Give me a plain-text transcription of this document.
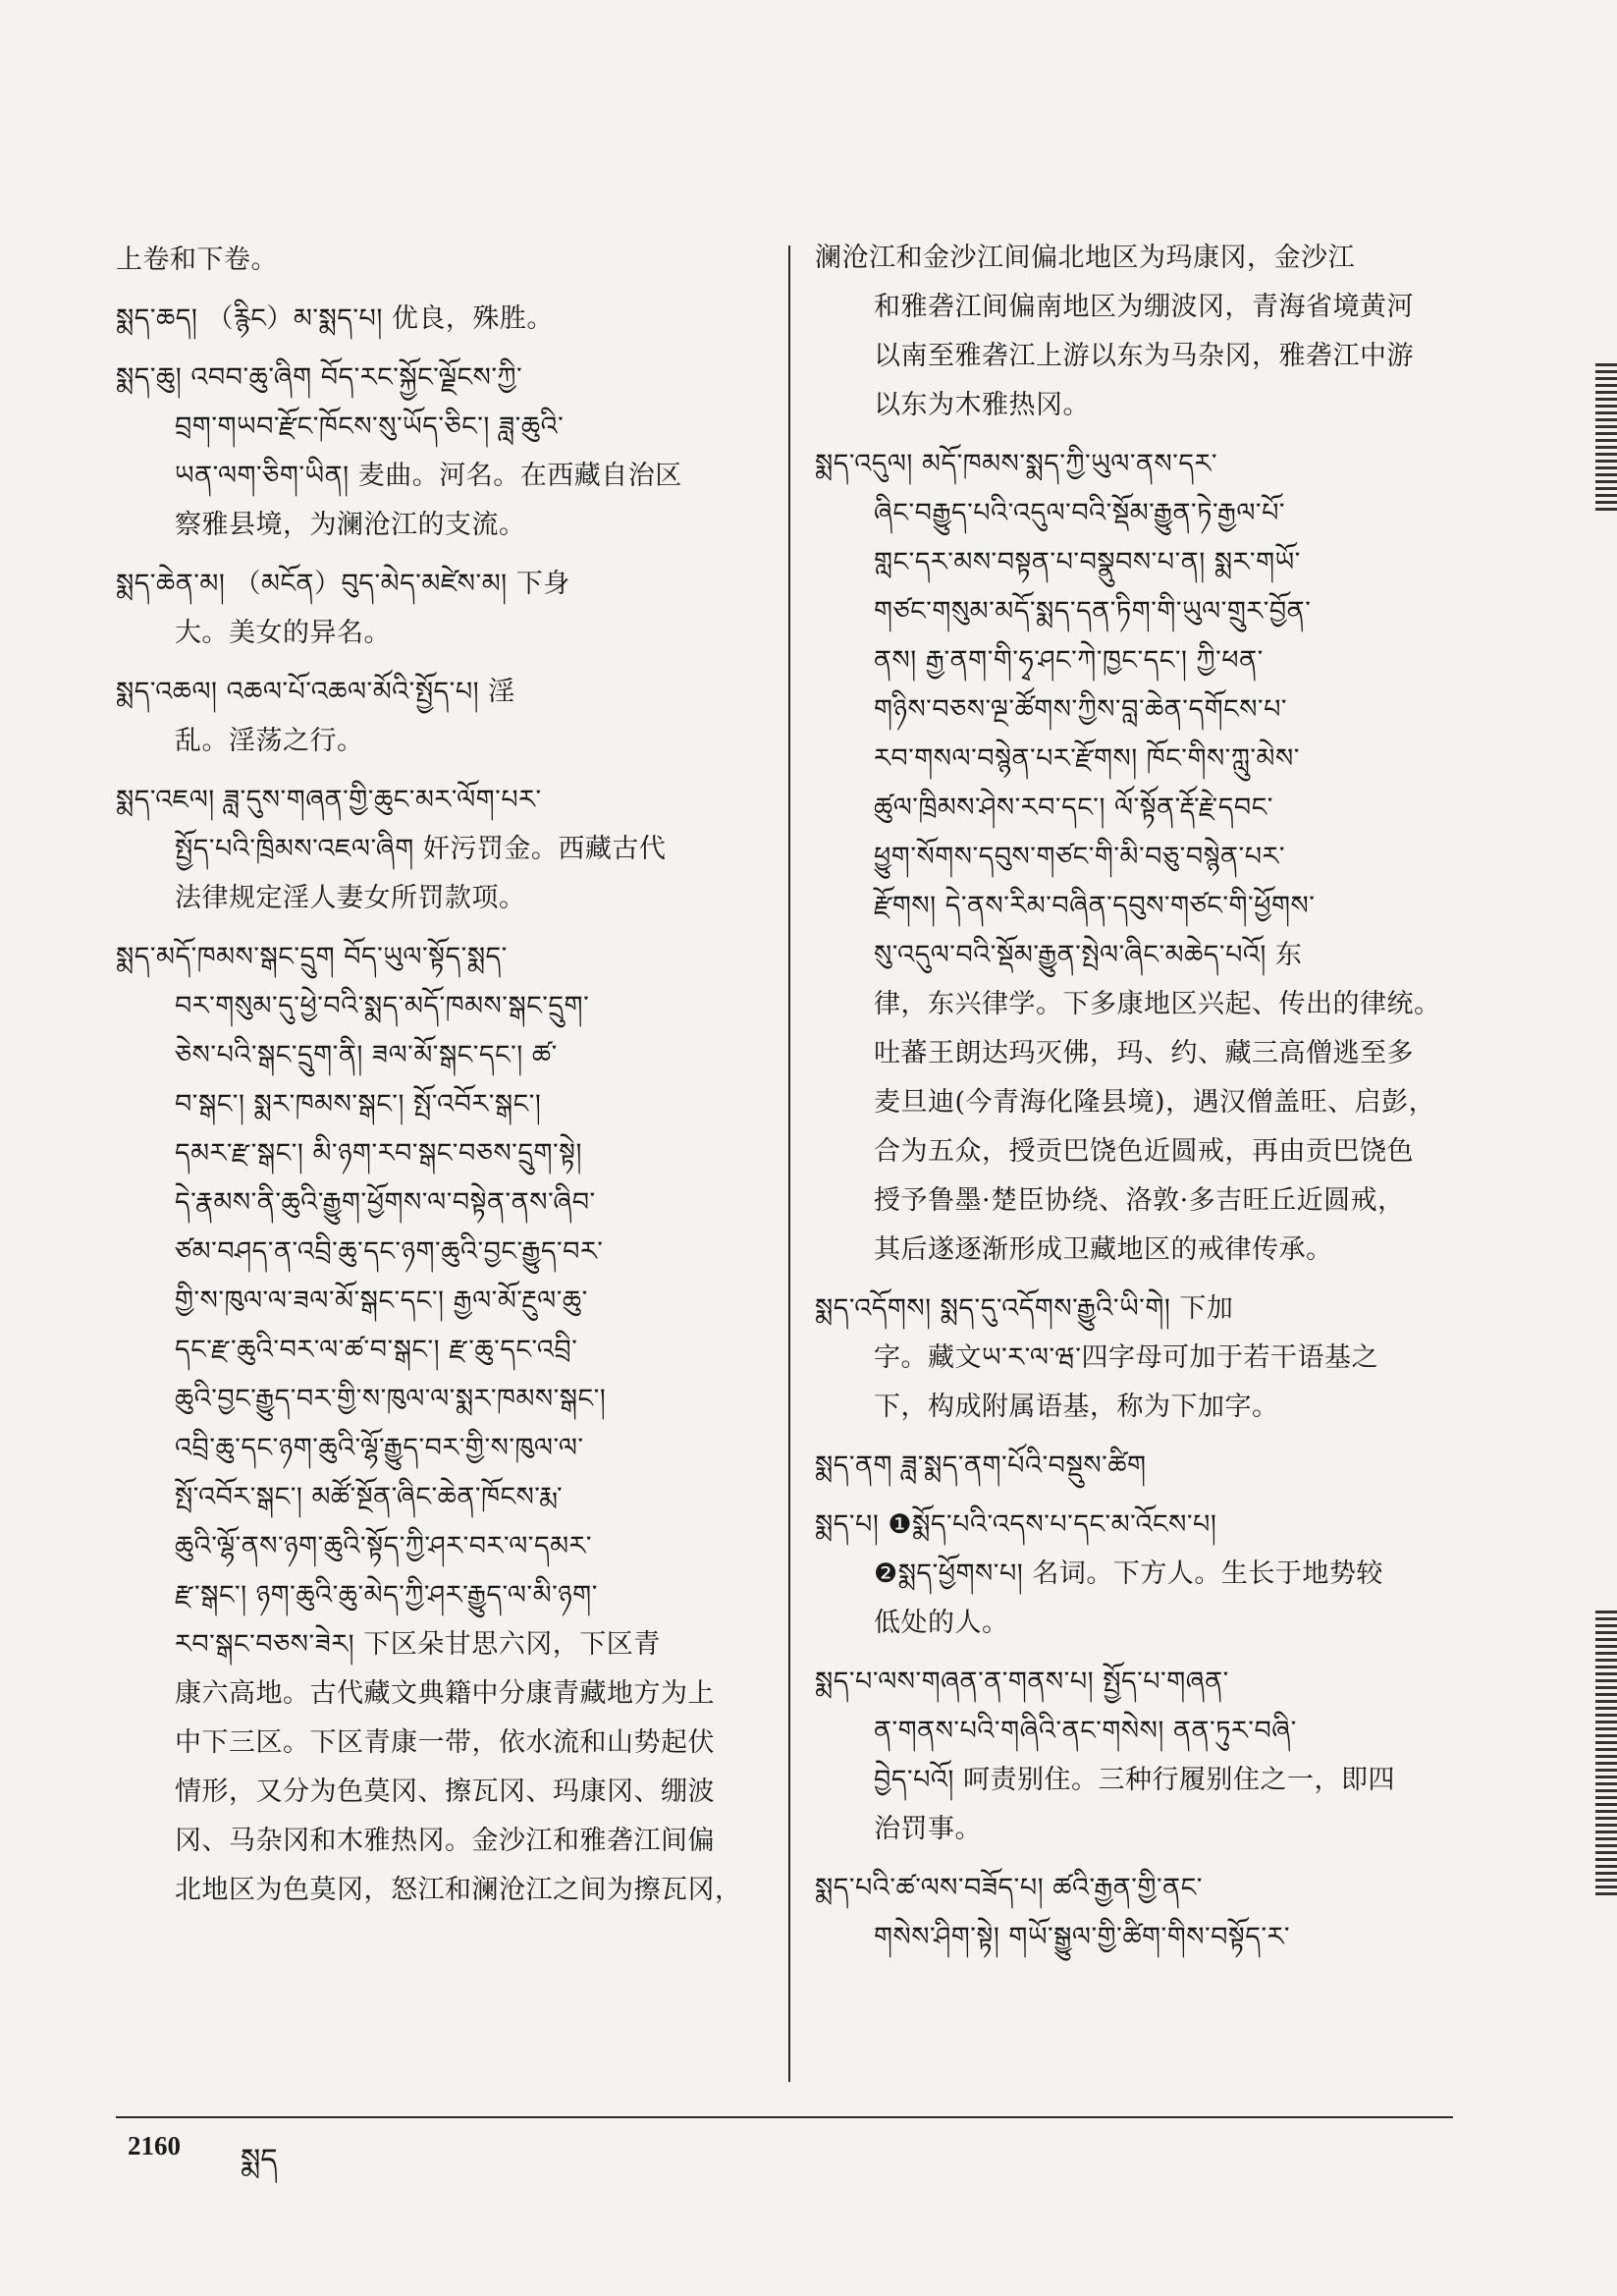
上卷和下卷。
སྨད་ཆད། （རྙིང）མ་སྨད་པ། 优良，殊胜。
སྨད་ཆུ། འབབ་ཆུ་ཞིག བོད་རང་སྐྱོང་ལྗོངས་ཀྱི་
བྲག་གཡབ་རྫོང་ཁོངས་སུ་ཡོད་ཅིང་། ཟླ་ཆུའི་
ཡན་ལག་ཅིག་ཡིན། 麦曲。河名。在西藏自治区
察雅县境，为澜沧江的支流。
སྨད་ཆེན་མ། （མངོན）བུད་མེད་མཛེས་མ། 下身
大。美女的异名。
སྨད་འཆལ། འཆལ་པོ་འཆལ་མོའི་སྤྱོད་པ། 淫
乱。淫荡之行。
སྨད་འཇལ། ཟླ་དུས་གཞན་གྱི་ཆུང་མར་ལོག་པར་
སྤྱོད་པའི་ཁྲིམས་འཇལ་ཞིག 奸污罚金。西藏古代
法律规定淫人妻女所罚款项。
སྨད་མདོ་ཁམས་སྒང་དྲུག བོད་ཡུལ་སྟོད་སྨད་
བར་གསུམ་དུ་ཕྱེ་བའི་སྨད་མདོ་ཁམས་སྒང་དྲུག་
ཅེས་པའི་སྒང་དྲུག་ནི། ཟལ་མོ་སྒང་དང་། ཚ་
བ་སྒང་། སྨར་ཁམས་སྒང་། སྤོ་འབོར་སྒང་།
དམར་རྫ་སྒང་། མི་ཉག་རབ་སྒང་བཅས་དྲུག་སྟེ།
དེ་རྣམས་ནི་ཆུའི་རྒྱུག་ཕྱོགས་ལ་བསྟེན་ནས་ཞིབ་
ཙམ་བཤད་ན་འབྲི་ཆུ་དང་ཉག་ཆུའི་བྱང་རྒྱུད་བར་
གྱི་ས་ཁུལ་ལ་ཟལ་མོ་སྒང་དང་། རྒྱལ་མོ་རྔུལ་ཆུ་
དང་རྫ་ཆུའི་བར་ལ་ཚ་བ་སྒང་། རྫ་ཆུ་དང་འབྲི་
ཆུའི་བྱང་རྒྱུད་བར་གྱི་ས་ཁུལ་ལ་སྨར་ཁམས་སྒང་།
འབྲི་ཆུ་དང་ཉག་ཆུའི་ལྷོ་རྒྱུད་བར་གྱི་ས་ཁུལ་ལ་
སྤོ་འབོར་སྒང་། མཚོ་སྔོན་ཞིང་ཆེན་ཁོངས་རྨ་
ཆུའི་ལྷོ་ནས་ཉག་ཆུའི་སྟོད་ཀྱི་ཤར་བར་ལ་དམར་
རྫ་སྒང་། ཉག་ཆུའི་ཆུ་མེད་ཀྱི་ཤར་རྒྱུད་ལ་མི་ཉག་
རབ་སྒང་བཅས་ཟེར། 下区朵甘思六冈，下区青
康六高地。古代藏文典籍中分康青藏地方为上
中下三区。下区青康一带，依水流和山势起伏
情形，又分为色莫冈、擦瓦冈、玛康冈、绷波
冈、马杂冈和木雅热冈。金沙江和雅砻江间偏
北地区为色莫冈，怒江和澜沧江之间为擦瓦冈，
澜沧江和金沙江间偏北地区为玛康冈，金沙江
和雅砻江间偏南地区为绷波冈，青海省境黄河
以南至雅砻江上游以东为马杂冈，雅砻江中游
以东为木雅热冈。
སྨད་འདུལ། མདོ་ཁམས་སྨད་ཀྱི་ཡུལ་ནས་དར་
ཞིང་བརྒྱུད་པའི་འདུལ་བའི་སྡོམ་རྒྱུན་ཏེ་རྒྱལ་པོ་
གླང་དར་མས་བསྟན་པ་བསྣུབས་པ་ན། སྨར་གཡོ་
གཙང་གསུམ་མདོ་སྨད་དན་ཏིག་གི་ཡུལ་གྲུར་བྱོན་
ནས། རྒྱ་ནག་གི་ཧྭ་ཤང་ཀེ་ཁྱང་དང་། ཀྱི་ཕན་
གཉིས་བཅས་ལྔ་ཚོགས་ཀྱིས་བླ་ཆེན་དགོངས་པ་
རབ་གསལ་བསྙེན་པར་རྫོགས། ཁོང་གིས་ཀླུ་མེས་
ཚུལ་ཁྲིམས་ཤེས་རབ་དང་། ལོ་སྟོན་རྡོ་རྗེ་དབང་
ཕྱུག་སོགས་དབུས་གཙང་གི་མི་བཅུ་བསྙེན་པར་
རྫོགས། དེ་ནས་རིམ་བཞིན་དབུས་གཙང་གི་ཕྱོགས་
སུ་འདུལ་བའི་སྡོམ་རྒྱུན་སྤེལ་ཞིང་མཆེད་པའོ། 东
律，东兴律学。下多康地区兴起、传出的律统。
吐蕃王朗达玛灭佛，玛、约、藏三高僧逃至多
麦旦迪(今青海化隆县境)，遇汉僧盖旺、启彭，
合为五众，授贡巴饶色近圆戒，再由贡巴饶色
授予鲁墨·楚臣协绕、洛敦·多吉旺丘近圆戒，
其后遂逐渐形成卫藏地区的戒律传承。
སྨད་འདོགས། སྨད་དུ་འདོགས་རྒྱུའི་ཡི་གེ། 下加
字。藏文ཡ་ར་ལ་ཝ་四字母可加于若干语基之
下，构成附属语基，称为下加字。
སྨད་ནག ཟླ་སྨད་ནག་པོའི་བསྡུས་ཚིག
སྨད་པ། ❶སྨོད་པའི་འདས་པ་དང་མ་འོངས་པ།
❷སྨད་ཕྱོགས་པ། 名词。下方人。生长于地势较
低处的人。
སྨད་པ་ལས་གཞན་ན་གནས་པ། སྤྱོད་པ་གཞན་
ན་གནས་པའི་གཞིའི་ནང་གསེས། ནན་ཏུར་བཞི་
བྱེད་པའོ། 呵责别住。三种行履别住之一，即四
治罚事。
སྨད་པའི་ཚ་ལས་བཟོད་པ། ཚའི་རྒྱན་གྱི་ནང་
གསེས་ཤིག་སྟེ། གཡོ་སྒྱུལ་གྱི་ཚིག་གིས་བསྟོད་ར་
2160 སྨད
